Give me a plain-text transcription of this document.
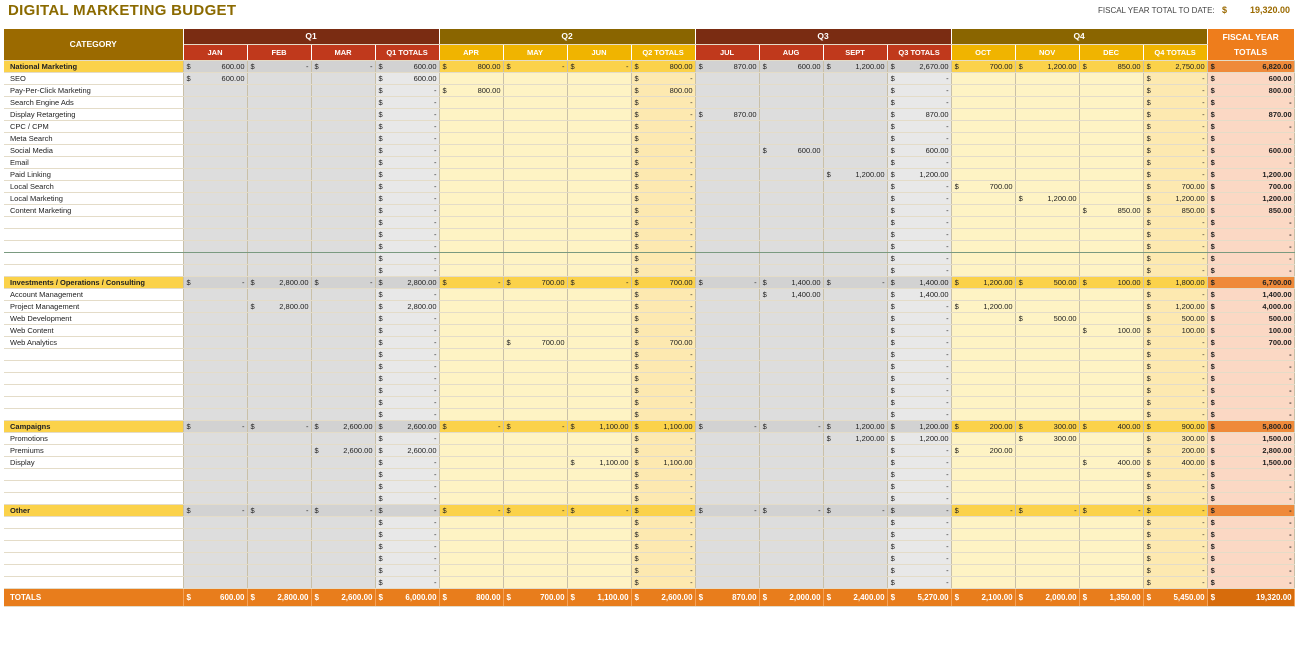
DIGITAL MARKETING BUDGET	FISCAL YEAR TOTAL TO DATE: $	19,320.00
CATEGORY	Q1				Q2				Q3				Q4				FISCAL YEAR TOTALS
	JAN	FEB	MAR	Q1 TOTALS	APR	MAY	JUN	Q2 TOTALS	JUL	AUG	SEPT	Q3 TOTALS	OCT	NOV	DEC	Q4 TOTALS	
National Marketing	$ 600.00	$ -	$ -	$ 600.00	$ 800.00	$ -	$ -	$ 800.00	$ 870.00	$ 600.00	$ 1,200.00	$ 2,670.00	$ 700.00	$ 1,200.00	$ 850.00	$ 2,750.00	$ 6,820.00

SEO	$ 600.00			$ 600.00				$ -				$ -				$ -	$ 600.00

Pay-Per-Click Marketing				$ -	$ 800.00			$ 800.00				$ -				$ -	$ 800.00

Search Engine Ads				$ -				$ -				$ -				$ -	$ -

Display Retargeting				$ -				$ -	$ 870.00			$ 870.00				$ -	$ 870.00

CPC / CPM				$ -				$ -				$ -				$ -	$ -

Meta Search				$ -				$ -				$ -				$ -	$ -

Social Media				$ -				$ -		$ 600.00		$ 600.00				$ -	$ 600.00

Email				$ -				$ -				$ -				$ -	$ -

Paid Linking				$ -				$ -			$ 1,200.00	$ 1,200.00				$ -	$ 1,200.00

Local Search				$ -				$ -				$ -	$ 700.00			$ 700.00	$ 700.00

Local Marketing				$ -				$ -				$ -		$ 1,200.00		$ 1,200.00	$ 1,200.00

Content Marketing				$ -				$ -				$ -			$ 850.00	$ 850.00	$ 850.00

				$ -				$ -				$ -				$ -	$ -

				$ -				$ -				$ -				$ -	$ -

				$ -				$ -				$ -				$ -	$ -

				$ -				$ -				$ -				$ -	$ -

				$ -				$ -				$ -				$ -	$ -

Investments / Operations / Consulting	$ -	$ 2,800.00	$ -	$ 2,800.00	$ -	$ 700.00	$ -	$ 700.00	$ -	$ 1,400.00	$ -	$ 1,400.00	$ 1,200.00	$ 500.00	$ 100.00	$ 1,800.00	$ 6,700.00

Account Management				$ -				$ -		$ 1,400.00		$ 1,400.00				$ -	$ 1,400.00

Project Management		$ 2,800.00		$ 2,800.00				$ -				$ -	$ 1,200.00			$ 1,200.00	$ 4,000.00

Web Development				$ -				$ -				$ -		$ 500.00		$ 500.00	$ 500.00

Web Content				$ -				$ -				$ -			$ 100.00	$ 100.00	$ 100.00

Web Analytics				$ -		$ 700.00		$ 700.00				$ -				$ -	$ 700.00

				$ -				$ -				$ -				$ -	$ -

				$ -				$ -				$ -				$ -	$ -

				$ -				$ -				$ -				$ -	$ -

				$ -				$ -				$ -				$ -	$ -

				$ -				$ -				$ -				$ -	$ -

				$ -				$ -				$ -				$ -	$ -

Campaigns	$ -	$ -	$ 2,600.00	$ 2,600.00	$ -	$ -	$ 1,100.00	$ 1,100.00	$ -	$ -	$ 1,200.00	$ 1,200.00	$ 200.00	$ 300.00	$ 400.00	$ 900.00	$ 5,800.00

Promotions				$ -				$ -			$ 1,200.00	$ 1,200.00		$ 300.00		$ 300.00	$ 1,500.00

Premiums			$ 2,600.00	$ 2,600.00				$ -				$ -	$ 200.00			$ 200.00	$ 2,800.00

Display				$ -			$ 1,100.00	$ 1,100.00				$ -			$ 400.00	$ 400.00	$ 1,500.00

				$ -				$ -				$ -				$ -	$ -

				$ -				$ -				$ -				$ -	$ -

				$ -				$ -				$ -				$ -	$ -

Other	$ -	$ -	$ -	$ -	$ -	$ -	$ -	$ -	$ -	$ -	$ -	$ -	$ -	$ -	$ -	$ -	$ -

				$ -				$ -				$ -				$ -	$ -

				$ -				$ -				$ -				$ -	$ -

				$ -				$ -				$ -				$ -	$ -

				$ -				$ -				$ -				$ -	$ -

				$ -				$ -				$ -				$ -	$ -

				$ -				$ -				$ -				$ -	$ -

TOTALS	$ 600.00	$ 2,800.00	$ 2,600.00	$ 6,000.00	$ 800.00	$ 700.00	$ 1,100.00	$ 2,600.00	$ 870.00	$ 2,000.00	$ 2,400.00	$ 5,270.00	$ 2,100.00	$ 2,000.00	$ 1,350.00	$ 5,450.00	$ 19,320.00
